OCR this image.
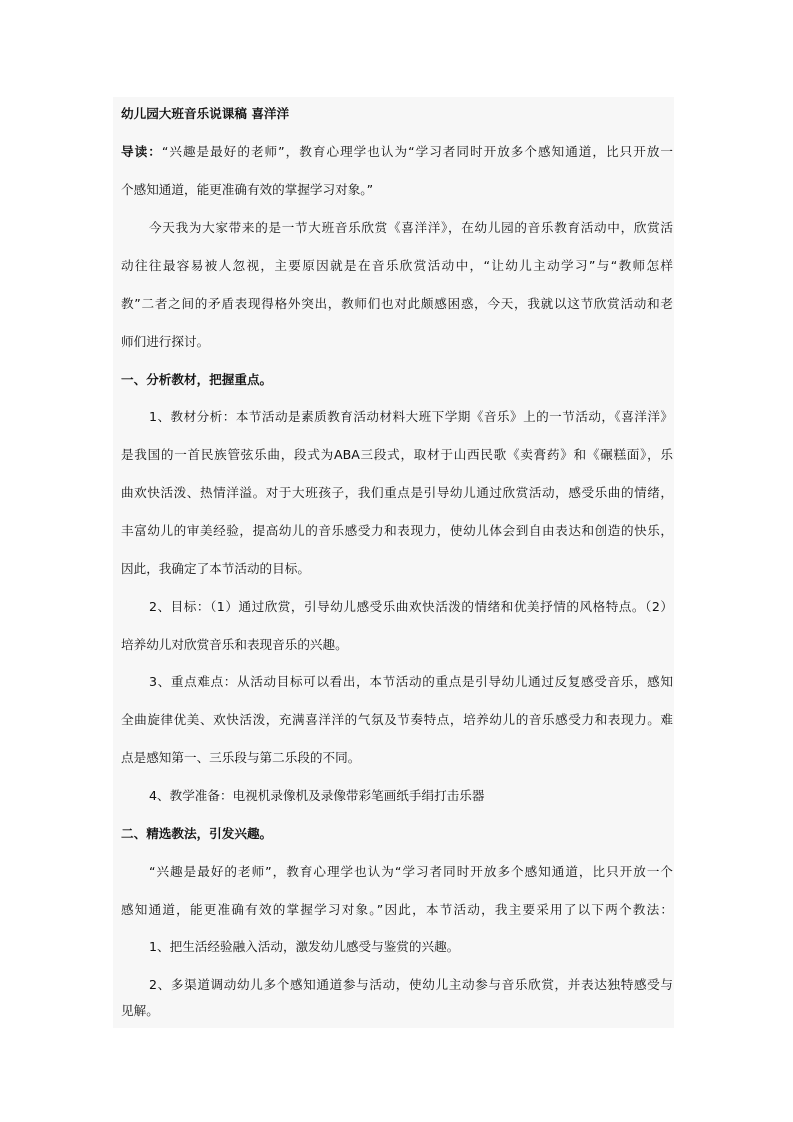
幼儿园大班音乐说课稿 喜洋洋
导读：“兴趣是最好的老师”，教育心理学也认为“学习者同时开放多个感知通道，比只开放一
个感知通道，能更准确有效的掌握学习对象。”
今天我为大家带来的是一节大班音乐欣赏《喜洋洋》，在幼儿园的音乐教育活动中，欣赏活
动往往最容易被人忽视，主要原因就是在音乐欣赏活动中，“让幼儿主动学习”与“教师怎样
教”二者之间的矛盾表现得格外突出，教师们也对此颇感困惑，今天，我就以这节欣赏活动和老
师们进行探讨。
一、分析教材，把握重点。
1、教材分析：本节活动是素质教育活动材料大班下学期《音乐》上的一节活动，《喜洋洋》
是我国的一首民族管弦乐曲，段式为ABA三段式，取材于山西民歌《卖膏药》和《碾糕面》，乐
曲欢快活泼、热情洋溢。对于大班孩子，我们重点是引导幼儿通过欣赏活动，感受乐曲的情绪，
丰富幼儿的审美经验，提高幼儿的音乐感受力和表现力，使幼儿体会到自由表达和创造的快乐，
因此，我确定了本节活动的目标。
2、目标：（1）通过欣赏，引导幼儿感受乐曲欢快活泼的情绪和优美抒情的风格特点。（2）
培养幼儿对欣赏音乐和表现音乐的兴趣。
3、重点难点：从活动目标可以看出，本节活动的重点是引导幼儿通过反复感受音乐，感知
全曲旋律优美、欢快活泼，充满喜洋洋的气氛及节奏特点，培养幼儿的音乐感受力和表现力。难
点是感知第一、三乐段与第二乐段的不同。
4、教学准备：电视机录像机及录像带彩笔画纸手绢打击乐器
二、精选教法，引发兴趣。
“兴趣是最好的老师”，教育心理学也认为“学习者同时开放多个感知通道，比只开放一个
感知通道，能更准确有效的掌握学习对象。”因此，本节活动，我主要采用了以下两个教法：
1、把生活经验融入活动，激发幼儿感受与鉴赏的兴趣。
2、多渠道调动幼儿多个感知通道参与活动，使幼儿主动参与音乐欣赏，并表达独特感受与
见解。
